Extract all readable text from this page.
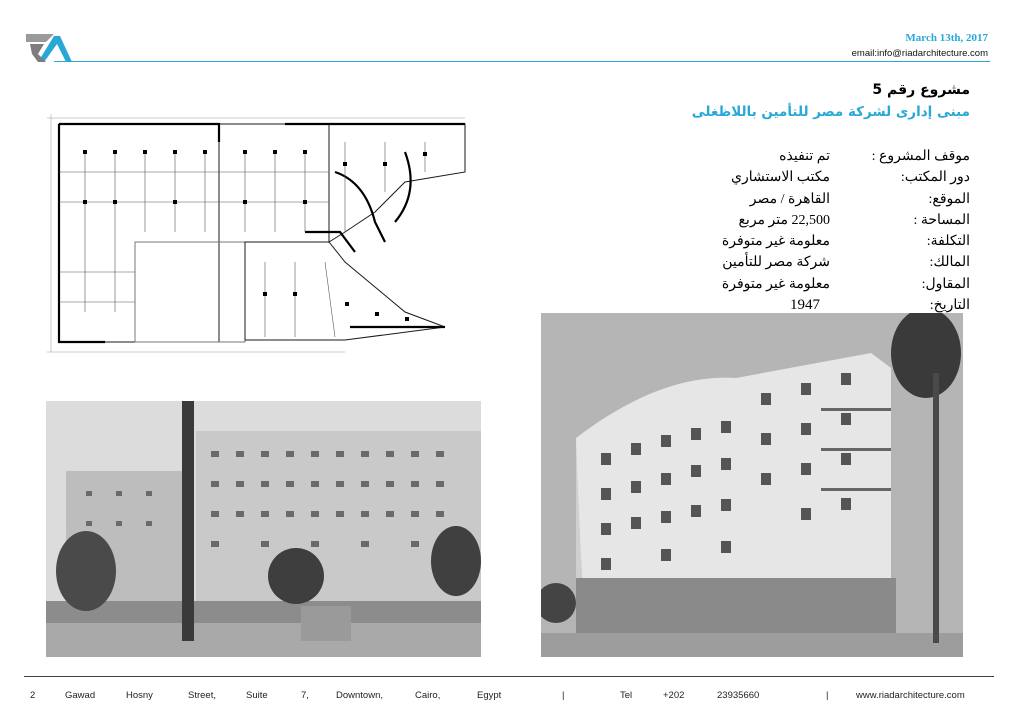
March 13th, 2017
email:info@riadarchitecture.com
مشروع رقم 5
مبنى إدارى لشركة مصر للتأمين باللاظغلى
موقف المشروع :
تم تنفيذه
دور المكتب:
مكتب الاستشاري
الموقع:
القاهرة / مصر
المساحة :
22,500 متر مربع
التكلفة:
معلومة غير متوفرة
المالك:
شركة مصر للتأمين
المقاول:
معلومة غير متوفرة
التاريخ:
1947
2	Gawad	Hosny	Street,	Suite	7,	Downtown,	Cairo,	Egypt	|	Tel	+202	23935660	|	www.riadarchitecture.com
